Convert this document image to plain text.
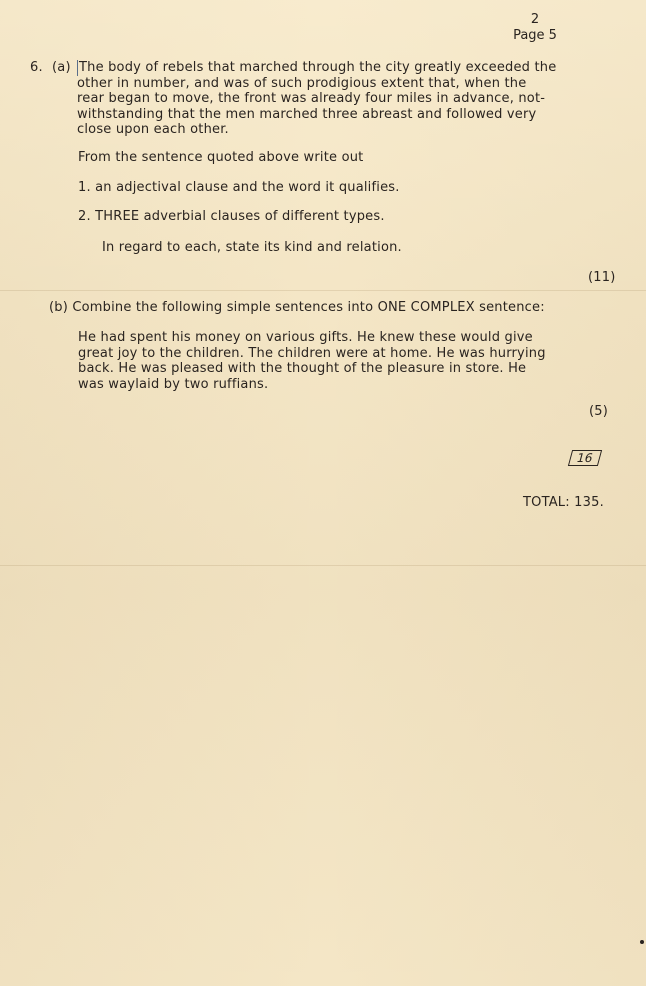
2
Page 5
6. (a) The body of rebels that marched through the city greatly exceeded the
other in number, and was of such prodigious extent that, when the
rear began to move, the front was already four miles in advance, not-
withstanding that the men marched three abreast and followed very
close upon each other.
From the sentence quoted above write out
1. an adjectival clause and the word it qualifies.
2. THREE adverbial clauses of different types.
In regard to each, state its kind and relation.
(11)
(b) Combine the following simple sentences into ONE COMPLEX sentence:
He had spent his money on various gifts. He knew these would give
great joy to the children. The children were at home. He was hurrying
back. He was pleased with the thought of the pleasure in store. He
was waylaid by two ruffians.
(5)
16
TOTAL: 135.
